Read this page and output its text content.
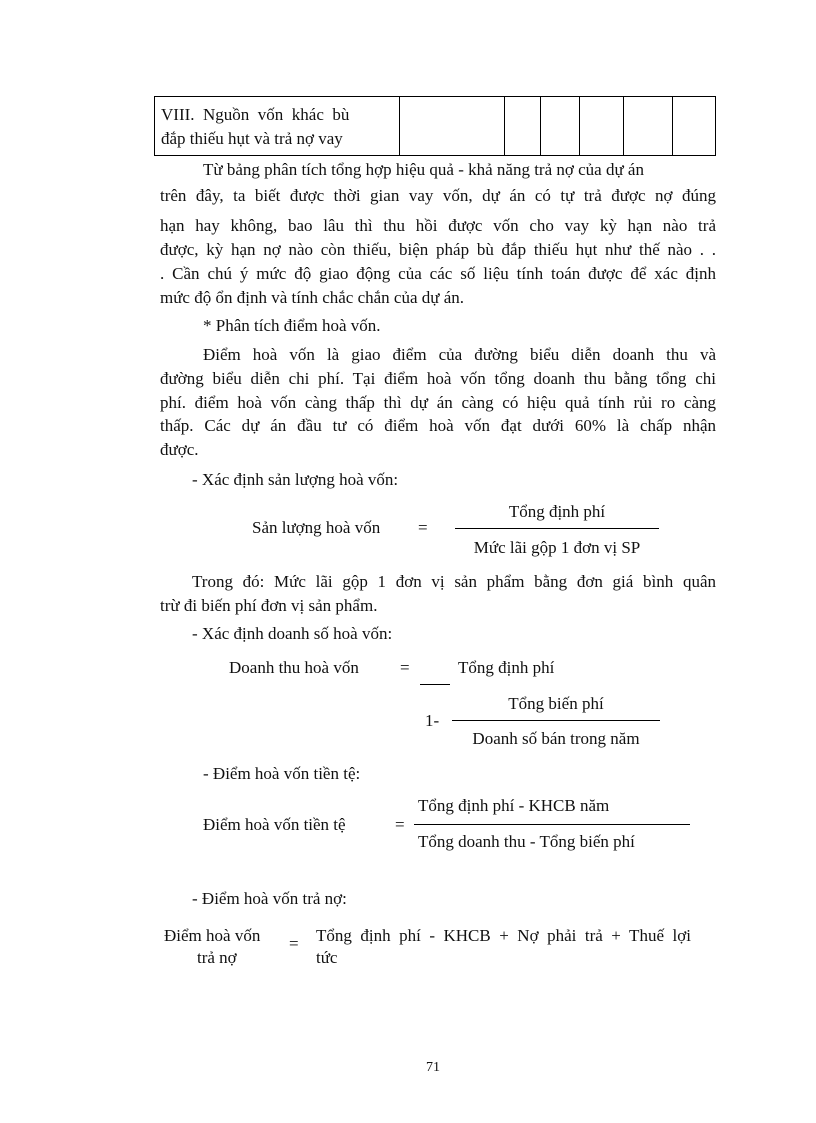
VIII.  Nguồn  vốn  khác  bù
đắp thiếu hụt và trả nợ vay

Từ bảng phân tích tổng hợp hiệu quả - khả năng trả nợ của dự án
trên đây, ta biết được thời gian vay vốn, dự án có tự trả được nợ đúng
hạn hay không, bao lâu thì thu hồi được vốn cho vay kỳ hạn nào trả
được, kỳ hạn nợ nào còn thiếu, biện pháp bù đắp thiếu hụt như thế nào . .
. Cần chú ý mức độ giao động của các số liệu tính toán được để xác định
mức độ ổn định và tính chắc chắn của dự án.
* Phân tích điểm hoà vốn.
Điểm hoà vốn là giao điểm của đường biểu diễn doanh thu và
đường biểu diễn chi phí. Tại điểm hoà vốn tổng doanh thu bằng tổng chi
phí. điểm hoà vốn càng thấp thì dự án càng có hiệu quả tính rủi ro càng
thấp. Các dự án đầu tư có điểm hoà vốn đạt dưới 60% là chấp nhận
được.
- Xác định sản lượng hoà vốn:
Sản lượng hoà vốn =
Tổng định phí
Mức lãi gộp 1 đơn vị SP
Trong đó: Mức lãi gộp 1 đơn vị sản phẩm bằng đơn giá bình quân
trừ đi biến phí đơn vị sản phẩm.
- Xác định doanh số hoà vốn:
Doanh thu hoà vốn =	Tổng định phí
Tổng biến phí
1-
Doanh số bán trong năm
- Điểm hoà vốn tiền tệ:
Điểm hoà vốn tiền tệ	=
Tổng định phí - KHCB năm
Tổng doanh thu - Tổng biến phí
- Điểm hoà vốn trả nợ:
Điểm hoà vốn
trả nợ
= Tổng  định  phí  -  KHCB  +  Nợ  phải  trả  +  Thuế  lợi
tức
71
